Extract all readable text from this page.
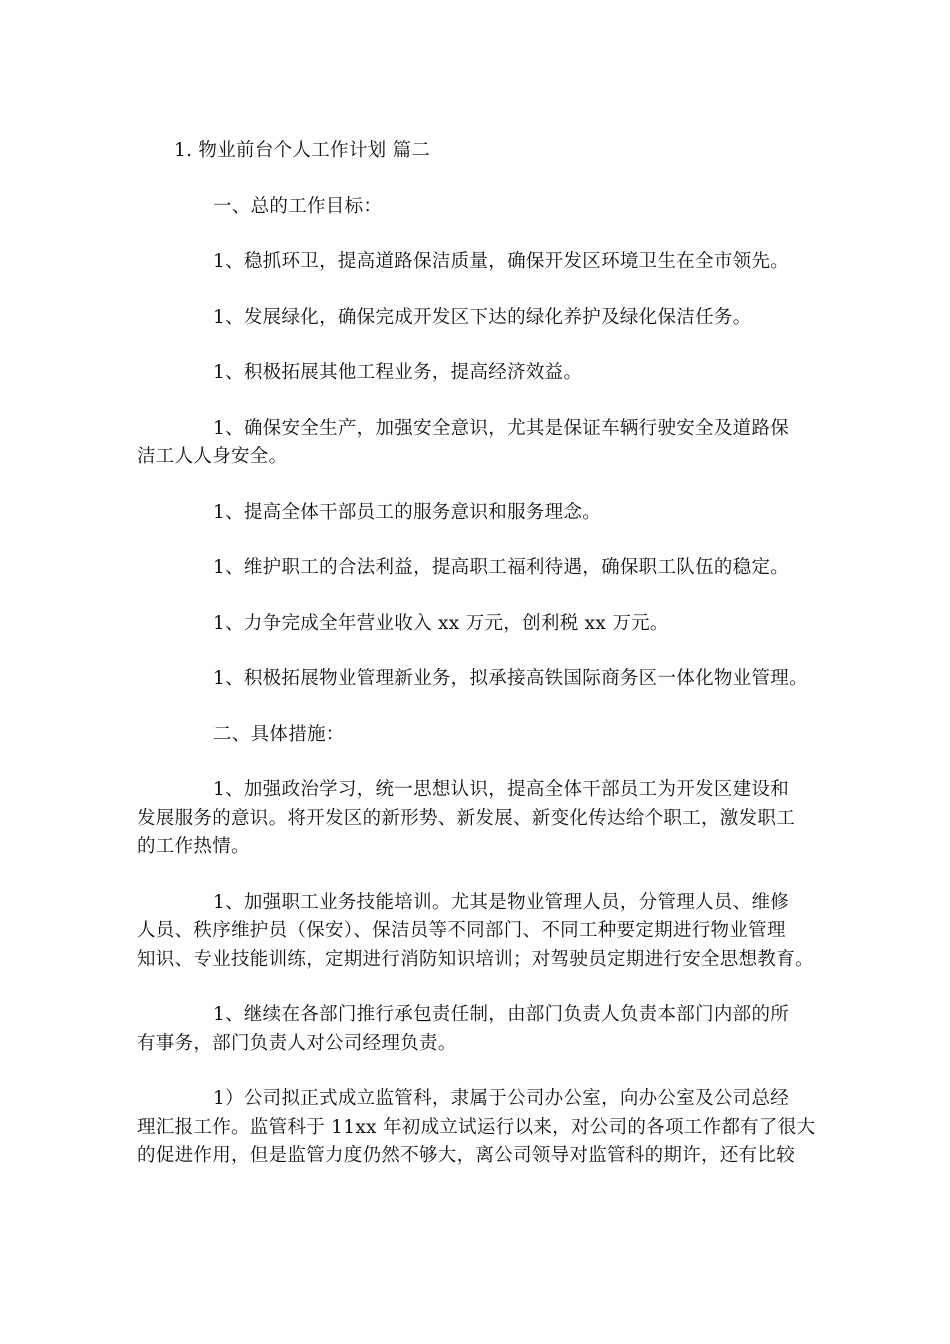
1. 物业前台个人工作计划 篇二

一、总的工作目标：

1、稳抓环卫，提高道路保洁质量，确保开发区环境卫生在全市领先。

1、发展绿化，确保完成开发区下达的绿化养护及绿化保洁任务。

1、积极拓展其他工程业务，提高经济效益。

1、确保安全生产，加强安全意识，尤其是保证车辆行驶安全及道路保
洁工人人身安全。

1、提高全体干部员工的服务意识和服务理念。

1、维护职工的合法利益，提高职工福利待遇，确保职工队伍的稳定。

1、力争完成全年营业收入 xx 万元，创利税 xx 万元。

1、积极拓展物业管理新业务，拟承接高铁国际商务区一体化物业管理。

二、具体措施：

1、加强政治学习，统一思想认识，提高全体干部员工为开发区建设和
发展服务的意识。将开发区的新形势、新发展、新变化传达给个职工，激发职工
的工作热情。

1、加强职工业务技能培训。尤其是物业管理人员，分管理人员、维修
人员、秩序维护员（保安）、保洁员等不同部门、不同工种要定期进行物业管理
知识、专业技能训练，定期进行消防知识培训；对驾驶员定期进行安全思想教育。

1、继续在各部门推行承包责任制，由部门负责人负责本部门内部的所
有事务，部门负责人对公司经理负责。

1）公司拟正式成立监管科，隶属于公司办公室，向办公室及公司总经
理汇报工作。监管科于 11xx 年初成立试运行以来，对公司的各项工作都有了很大
的促进作用，但是监管力度仍然不够大，离公司领导对监管科的期许，还有比较
